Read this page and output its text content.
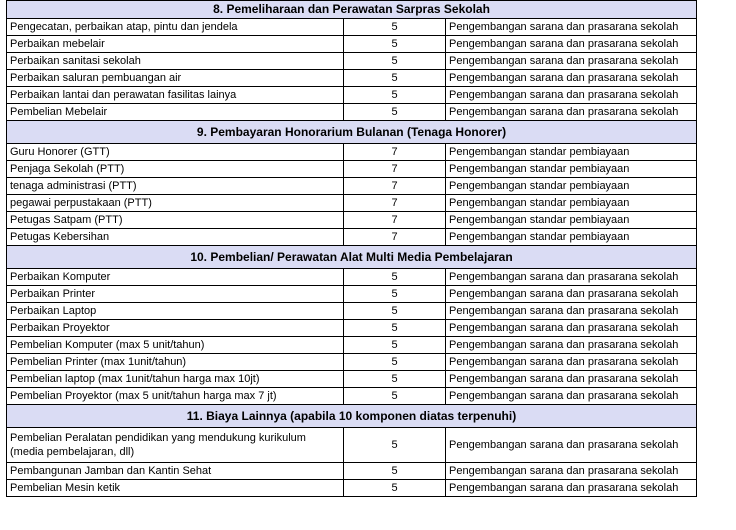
8. Pemeliharaan dan Perawatan Sarpras Sekolah		
Pengecatan, perbaikan atap, pintu dan jendela	5	Pengembangan sarana dan prasarana sekolah
Perbaikan mebelair	5	Pengembangan sarana dan prasarana sekolah
Perbaikan sanitasi sekolah	5	Pengembangan sarana dan prasarana sekolah
Perbaikan saluran pembuangan air	5	Pengembangan sarana dan prasarana sekolah
Perbaikan lantai dan perawatan fasilitas lainya	5	Pengembangan sarana dan prasarana sekolah
Pembelian Mebelair	5	Pengembangan sarana dan prasarana sekolah
9. Pembayaran Honorarium Bulanan (Tenaga Honorer)		
Guru Honorer (GTT)	7	Pengembangan standar pembiayaan
Penjaga Sekolah (PTT)	7	Pengembangan standar pembiayaan
tenaga administrasi (PTT)	7	Pengembangan standar pembiayaan
pegawai perpustakaan (PTT)	7	Pengembangan standar pembiayaan
Petugas Satpam (PTT)	7	Pengembangan standar pembiayaan
Petugas Kebersihan	7	Pengembangan standar pembiayaan
10. Pembelian/ Perawatan Alat Multi Media Pembelajaran		
Perbaikan Komputer	5	Pengembangan sarana dan prasarana sekolah
Perbaikan Printer	5	Pengembangan sarana dan prasarana sekolah
Perbaikan Laptop	5	Pengembangan sarana dan prasarana sekolah
Perbaikan Proyektor	5	Pengembangan sarana dan prasarana sekolah
Pembelian Komputer (max 5 unit/tahun)	5	Pengembangan sarana dan prasarana sekolah
Pembelian Printer (max 1unit/tahun)	5	Pengembangan sarana dan prasarana sekolah
Pembelian laptop (max 1unit/tahun harga max 10jt)	5	Pengembangan sarana dan prasarana sekolah
Pembelian Proyektor (max 5 unit/tahun harga max 7 jt)	5	Pengembangan sarana dan prasarana sekolah
11. Biaya Lainnya (apabila 10 komponen diatas terpenuhi)		
Pembelian Peralatan pendidikan yang mendukung kurikulum (media pembelajaran, dll)	5	Pengembangan sarana dan prasarana sekolah
Pembangunan Jamban dan Kantin Sehat	5	Pengembangan sarana dan prasarana sekolah
Pembelian Mesin ketik	5	Pengembangan sarana dan prasarana sekolah
